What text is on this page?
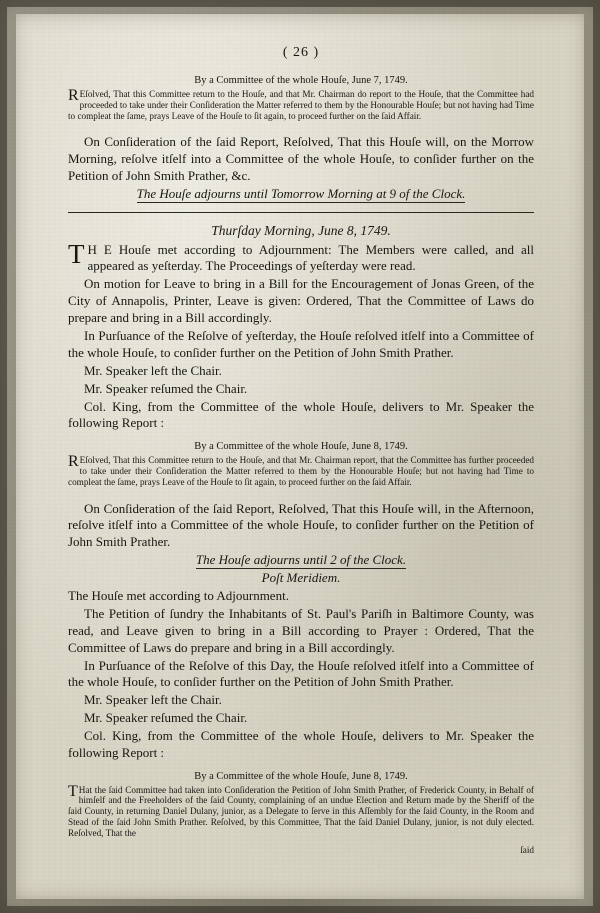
( 26 )
By a Committee of the whole Houſe, June 7, 1749.
R Eſolved, That this Committee return to the Houſe, and that Mr. Chairman do report to the Houſe, that the Committee had proceeded to take under their Conſideration the Matter referred to them by the Honourable Houſe; but not having had Time to compleat the ſame, prays Leave of the Houſe to ſit again, to proceed further on the ſaid Affair.

On Conſideration of the ſaid Report, Reſolved, That this Houſe will, on the Morrow Morning, reſolve itſelf into a Committee of the whole Houſe, to conſider further on the Petition of John Smith Prather, &c.

The Houſe adjourns until Tomorrow Morning at 9 of the Clock.

Thurſday Morning, June 8, 1749.

T H E Houſe met according to Adjournment: The Members were called, and all appeared as yeſterday. The Proceedings of yeſterday were read.

On motion for Leave to bring in a Bill for the Encouragement of Jonas Green, of the City of Annapolis, Printer, Leave is given: Ordered, That the Committee of Laws do prepare and bring in a Bill accordingly.

In Purſuance of the Reſolve of yeſterday, the Houſe reſolved itſelf into a Committee of the whole Houſe, to conſider further on the Petition of John Smith Prather.

Mr. Speaker left the Chair.

Mr. Speaker reſumed the Chair.

Col. King, from the Committee of the whole Houſe, delivers to Mr. Speaker the following Report :

By a Committee of the whole Houſe, June 8, 1749.
R Eſolved, That this Committee return to the Houſe, and that Mr. Chairman report, that the Committee has further proceeded to take under their Conſideration the Matter referred to them by the Honourable Houſe; but not having had Time to compleat the ſame, prays Leave of the Houſe to ſit again, to proceed further on the ſaid Affair.

On Conſideration of the ſaid Report, Reſolved, That this Houſe will, in the Afternoon, reſolve itſelf into a Committee of the whole Houſe, to conſider further on the Petition of John Smith Prather.

The Houſe adjourns until 2 of the Clock.

Poſt Meridiem.

The Houſe met according to Adjournment.

The Petition of ſundry the Inhabitants of St. Paul's Pariſh in Baltimore County, was read, and Leave given to bring in a Bill according to Prayer : Ordered, That the Committee of Laws do prepare and bring in a Bill accordingly.

In Purſuance of the Reſolve of this Day, the Houſe reſolved itſelf into a Committee of the whole Houſe, to conſider further on the Petition of John Smith Prather.

Mr. Speaker left the Chair.

Mr. Speaker reſumed the Chair.

Col. King, from the Committee of the whole Houſe, delivers to Mr. Speaker the following Report :

By a Committee of the whole Houſe, June 8, 1749.
T Hat the ſaid Committee had taken into Conſideration the Petition of John Smith Prather, of Frederick County, in Behalf of himſelf and the Freeholders of the ſaid County, complaining of an undue Election and Return made by the Sheriff of the ſaid County, in returning Daniel Dulany, junior, as a Delegate to ſerve in this Aſſembly for the ſaid County, in the Room and Stead of the ſaid John Smith Prather. Reſolved, by this Committee, That the ſaid Daniel Dulany, junior, is not duly elected. Reſolved, That the
ſaid
